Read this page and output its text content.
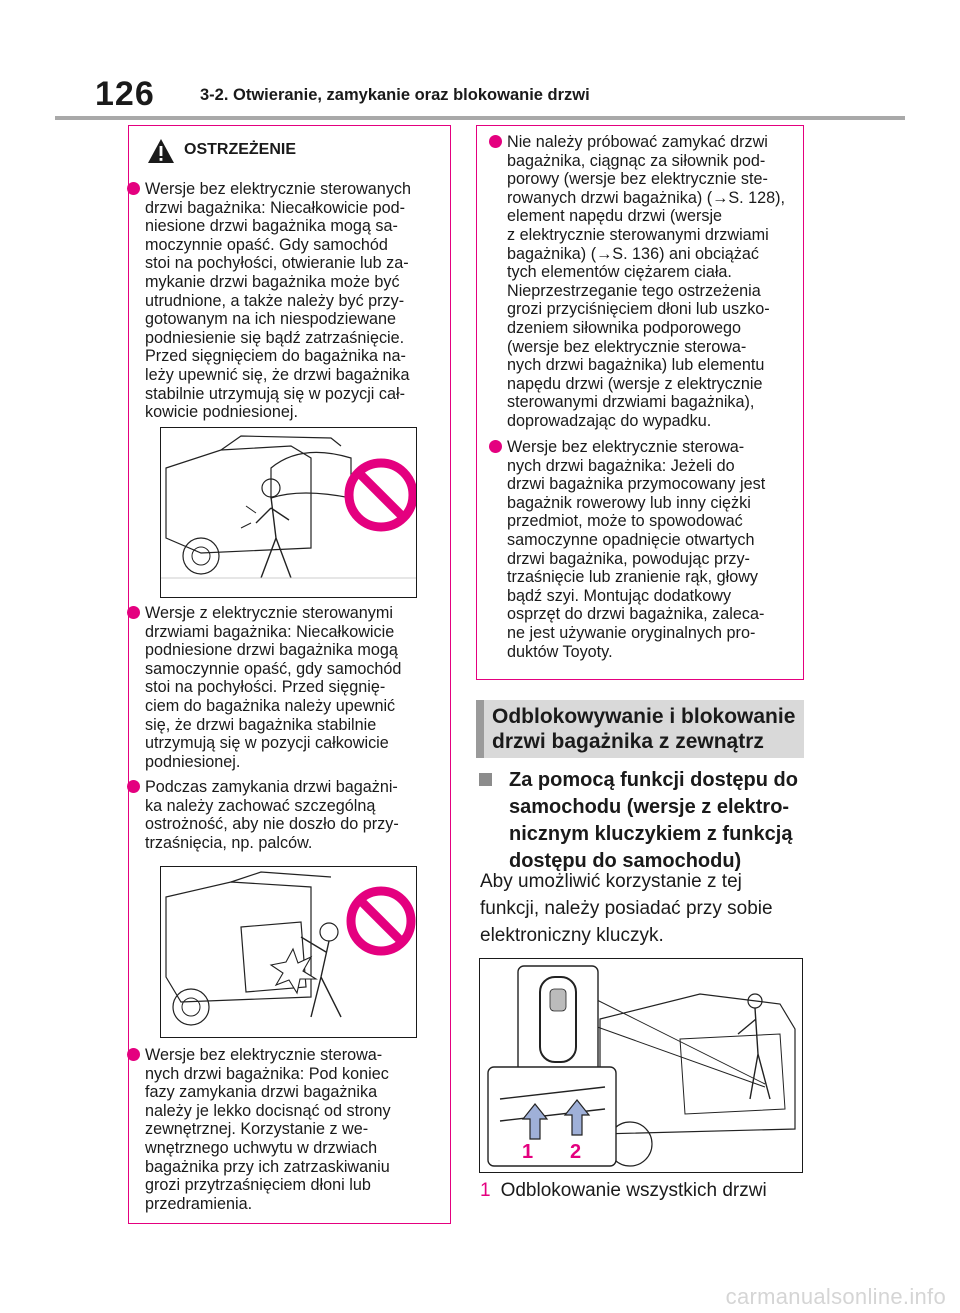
126	3-2. Otwieranie, zamykanie oraz blokowanie drzwi
OSTRZEŻENIE
Wersje bez elektrycznie sterowanych
drzwi bagażnika: Niecałkowicie pod-
niesione drzwi bagażnika mogą sa-
moczynnie opaść. Gdy samochód
stoi na pochyłości, otwieranie lub za-
mykanie drzwi bagażnika może być
utrudnione, a także należy być przy-
gotowanym na ich niespodziewane
podniesienie się bądź zatrzaśnięcie.
Przed sięgnięciem do bagażnika na-
leży upewnić się, że drzwi bagażnika
stabilnie utrzymują się w pozycji cał-
kowicie podniesionej.
Wersje z elektrycznie sterowanymi
drzwiami bagażnika: Niecałkowicie
podniesione drzwi bagażnika mogą
samoczynnie opaść, gdy samochód
stoi na pochyłości. Przed sięgnię-
ciem do bagażnika należy upewnić
się, że drzwi bagażnika stabilnie
utrzymują się w pozycji całkowicie
podniesionej.
Podczas zamykania drzwi bagażni-
ka należy zachować szczególną
ostrożność, aby nie doszło do przy-
trzaśnięcia, np. palców.
Wersje bez elektrycznie sterowa-
nych drzwi bagażnika: Pod koniec
fazy zamykania drzwi bagażnika
należy je lekko docisnąć od strony
zewnętrznej. Korzystanie z we-
wnętrznego uchwytu w drzwiach
bagażnika przy ich zatrzaskiwaniu
grozi przytrzaśnięciem dłoni lub
przedramienia.
Nie należy próbować zamykać drzwi
bagażnika, ciągnąc za siłownik pod-
porowy (wersje bez elektrycznie ste-
rowanych drzwi bagażnika) (→S. 128),
element napędu drzwi (wersje
z elektrycznie sterowanymi drzwiami
bagażnika) (→S. 136) ani obciążać
tych elementów ciężarem ciała.
Nieprzestrzeganie tego ostrzeżenia
grozi przyciśnięciem dłoni lub uszko-
dzeniem siłownika podporowego
(wersje bez elektrycznie sterowa-
nych drzwi bagażnika) lub elementu
napędu drzwi (wersje z elektrycznie
sterowanymi drzwiami bagażnika),
doprowadzając do wypadku.
Wersje bez elektrycznie sterowa-
nych drzwi bagażnika: Jeżeli do
drzwi bagażnika przymocowany jest
bagażnik rowerowy lub inny ciężki
przedmiot, może to spowodować
samoczynne opadnięcie otwartych
drzwi bagażnika, powodując przy-
trzaśnięcie lub zranienie rąk, głowy
bądź szyi. Montując dodatkowy
osprzęt do drzwi bagażnika, zaleca-
ne jest używanie oryginalnych pro-
duktów Toyoty.
Odblokowywanie i blokowanie
drzwi bagażnika z zewnątrz
Za pomocą funkcji dostępu do
samochodu (wersje z elektro-
nicznym kluczykiem z funkcją
dostępu do samochodu)
Aby umożliwić korzystanie z tej
funkcji, należy posiadać przy sobie
elektroniczny kluczyk.
1 2
1 Odblokowanie wszystkich drzwi
carmanualsonline.info
